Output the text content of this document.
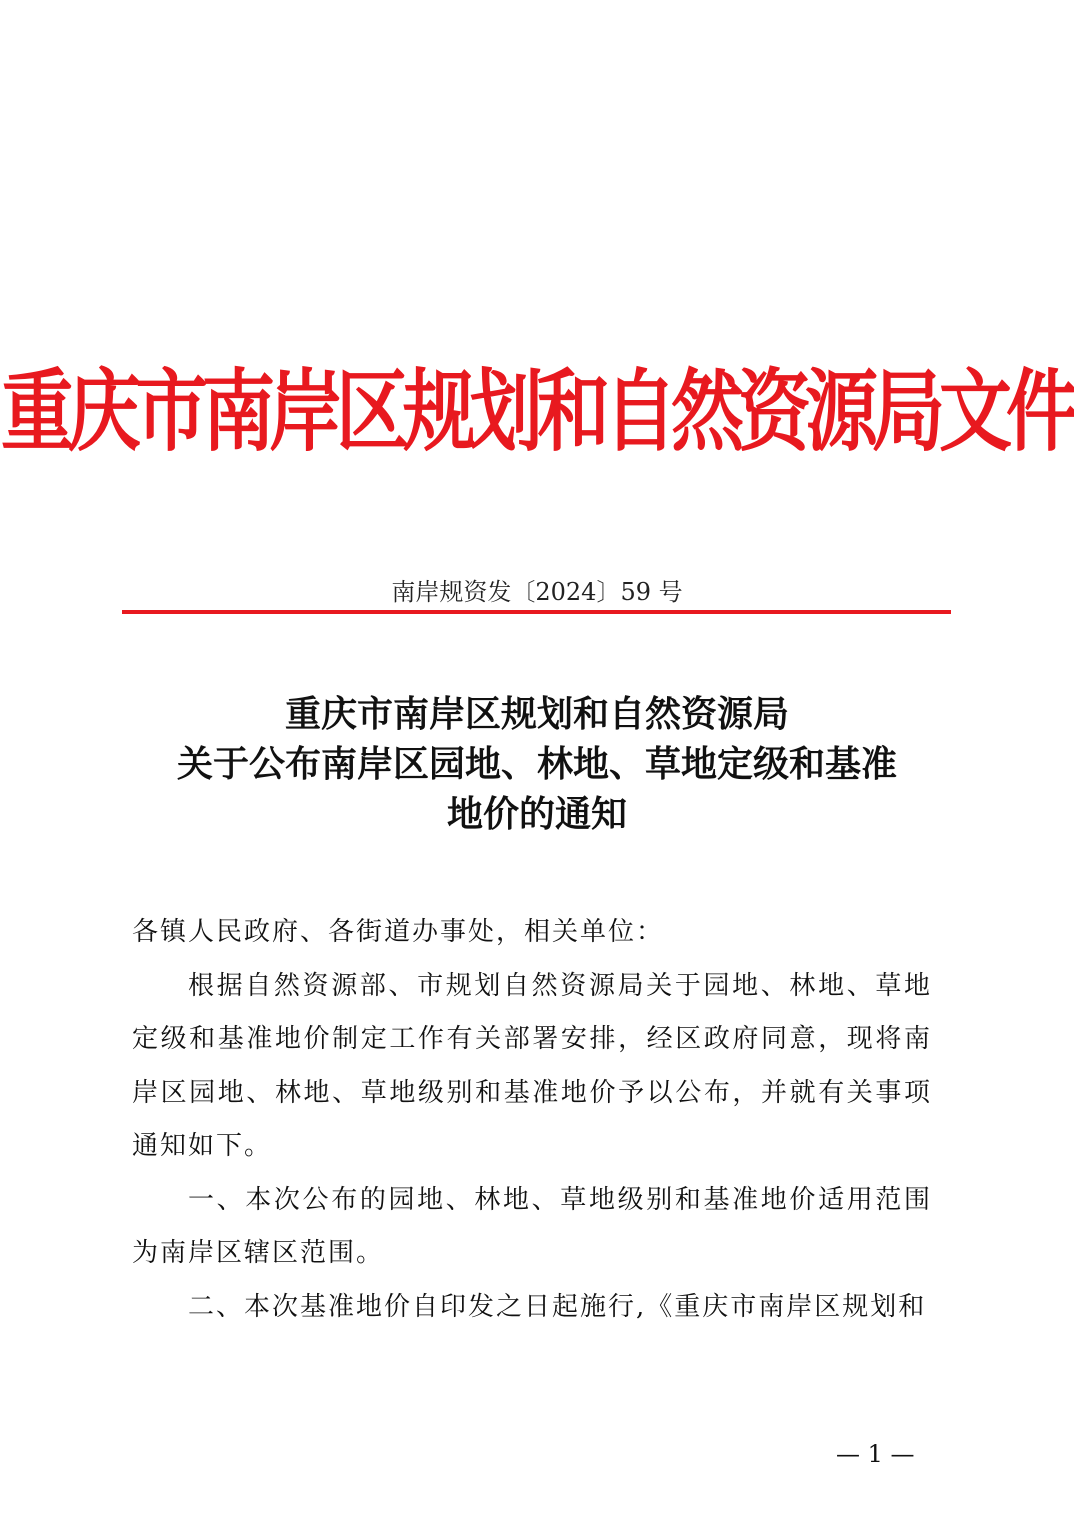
重庆市南岸区规划和自然资源局文件
南岸规资发〔2024〕59 号
重庆市南岸区规划和自然资源局
关于公布南岸区园地、林地、草地定级和基准
地价的通知

各镇人民政府、各街道办事处，相关单位：

根据自然资源部、市规划自然资源局关于园地、林地、草地定级和基准地价制定工作有关部署安排，经区政府同意，现将南岸区园地、林地、草地级别和基准地价予以公布，并就有关事项通知如下。

一、本次公布的园地、林地、草地级别和基准地价适用范围为南岸区辖区范围。

二、本次基准地价自印发之日起施行,《重庆市南岸区规划和

— 1 —
